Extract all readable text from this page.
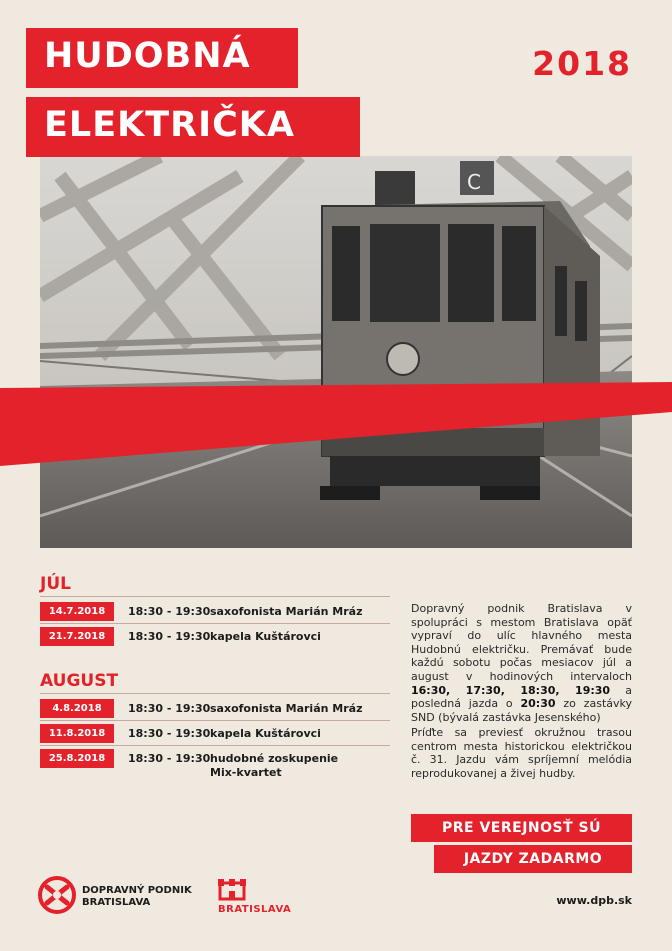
HUDOBNÁ
ELEKTRIČKA
2018
C
JÚL
14.7.2018	18:30 - 19:30 saxofonista Marián Mráz
21.7.2018	18:30 - 19:30 kapela Kuštárovci
AUGUST
4.8.2018	18:30 - 19:30 saxofonista Marián Mráz
11.8.2018	18:30 - 19:30 kapela Kuštárovci
25.8.2018	18:30 - 19:30 hudobné zoskupenie Mix-kvartet
Dopravný podnik Bratislava v spolupráci s mestom Bratislava opäť vypraví do ulíc hlavného mesta Hudobnú električku. Premávať bude každú sobotu počas mesiacov júl a august v hodinových intervaloch 16:30, 17:30, 18:30, 19:30 a posledná jazda o 20:30 zo zastávky SND (bývalá zastávka Jesenského)
Príďte sa previesť okružnou trasou centrom mesta historickou električkou č. 31. Jazdu vám spríjemní melódia reprodukovanej a živej hudby.
PRE VEREJNOSŤ SÚ
JAZDY ZADARMO
DOPRAVNÝ PODNIK
BRATISLAVA
BRATISLAVA
www.dpb.sk
